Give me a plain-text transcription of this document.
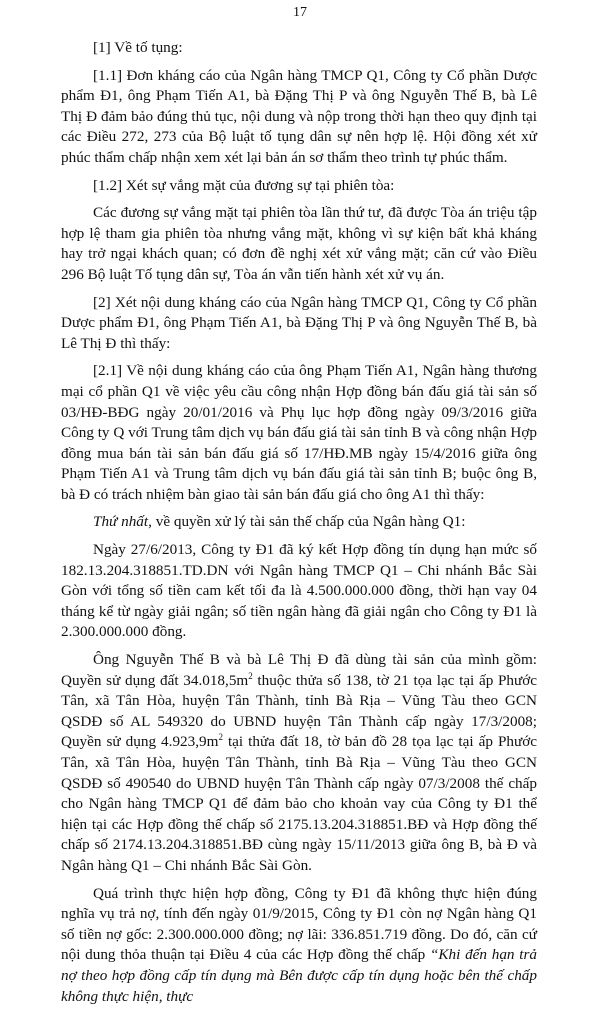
17

[1] Về tố tụng:

[1.1] Đơn kháng cáo của Ngân hàng TMCP Q1, Công ty Cổ phần Dược phẩm Đ1, ông Phạm Tiến A1, bà Đặng Thị P và ông Nguyễn Thế B, bà Lê Thị Đ đảm bảo đúng thủ tục, nội dung và nộp trong thời hạn theo quy định tại các Điều 272, 273 của Bộ luật tố tụng dân sự nên hợp lệ. Hội đồng xét xử phúc thẩm chấp nhận xem xét lại bản án sơ thẩm theo trình tự phúc thẩm.

[1.2] Xét sự vắng mặt của đương sự tại phiên tòa:

Các đương sự vắng mặt tại phiên tòa lần thứ tư, đã được Tòa án triệu tập hợp lệ tham gia phiên tòa nhưng vắng mặt, không vì sự kiện bất khả kháng hay trở ngại khách quan; có đơn đề nghị xét xử vắng mặt; căn cứ vào Điều 296 Bộ luật Tố tụng dân sự, Tòa án vẫn tiến hành xét xử vụ án.

[2] Xét nội dung kháng cáo của Ngân hàng TMCP Q1, Công ty Cổ phần Dược phẩm Đ1, ông Phạm Tiến A1, bà Đặng Thị P và ông Nguyễn Thế B, bà Lê Thị Đ thì thấy:

[2.1] Về nội dung kháng cáo của ông Phạm Tiến A1, Ngân hàng thương mại cổ phần Q1 về việc yêu cầu công nhận Hợp đồng bán đấu giá tài sản số 03/HĐ-BĐG ngày 20/01/2016 và Phụ lục hợp đồng ngày 09/3/2016 giữa Công ty Q với Trung tâm dịch vụ bán đấu giá tài sản tỉnh B và công nhận Hợp đồng mua bán tài sản bán đấu giá số 17/HĐ.MB ngày 15/4/2016 giữa ông Phạm Tiến A1 và Trung tâm dịch vụ bán đấu giá tài sản tỉnh B; buộc ông B, bà Đ có trách nhiệm bàn giao tài sản bán đấu giá cho ông A1 thì thấy:

Thứ nhất, về quyền xử lý tài sản thế chấp của Ngân hàng Q1:

Ngày 27/6/2013, Công ty Đ1 đã ký kết Hợp đồng tín dụng hạn mức số 182.13.204.318851.TD.DN với Ngân hàng TMCP Q1 – Chi nhánh Bắc Sài Gòn với tổng số tiền cam kết tối đa là 4.500.000.000 đồng, thời hạn vay 04 tháng kể từ ngày giải ngân; số tiền ngân hàng đã giải ngân cho Công ty Đ1 là 2.300.000.000 đồng.

Ông Nguyễn Thế B và bà Lê Thị Đ đã dùng tài sản của mình gồm: Quyền sử dụng đất $34.018,5m^2$ thuộc thửa số 138, tờ 21 tọa lạc tại ấp Phước Tân, xã Tân Hòa, huyện Tân Thành, tỉnh Bà Rịa – Vũng Tàu theo GCN QSDĐ số AL 549320 do UBND huyện Tân Thành cấp ngày 17/3/2008; Quyền sử dụng $4.923,9m^2$ tại thửa đất 18, tờ bản đồ 28 tọa lạc tại ấp Phước Tân, xã Tân Hòa, huyện Tân Thành, tỉnh Bà Rịa – Vũng Tàu theo GCN QSDĐ số 490540 do UBND huyện Tân Thành cấp ngày 07/3/2008 thế chấp cho Ngân hàng TMCP Q1 để đảm bảo cho khoản vay của Công ty Đ1 thể hiện tại các Hợp đồng thế chấp số 2175.13.204.318851.BĐ và Hợp đồng thế chấp số 2174.13.204.318851.BĐ cùng ngày 15/11/2013 giữa ông B, bà Đ và Ngân hàng Q1 – Chi nhánh Bắc Sài Gòn.

Quá trình thực hiện hợp đồng, Công ty Đ1 đã không thực hiện đúng nghĩa vụ trả nợ, tính đến ngày 01/9/2015, Công ty Đ1 còn nợ Ngân hàng Q1 số tiền nợ gốc: 2.300.000.000 đồng; nợ lãi: 336.851.719 đồng. Do đó, căn cứ nội dung thỏa thuận tại Điều 4 của các Hợp đồng thế chấp “Khi đến hạn trả nợ theo hợp đồng cấp tín dụng mà Bên được cấp tín dụng hoặc bên thế chấp không thực hiện, thực
